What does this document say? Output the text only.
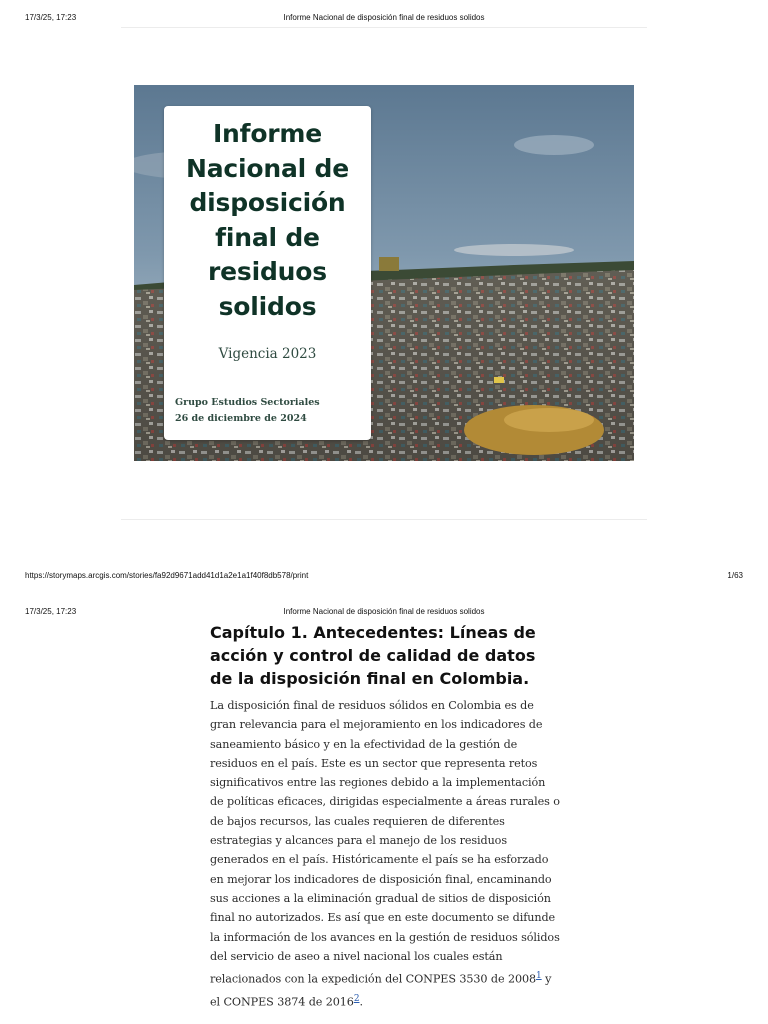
17/3/25, 17:23	Informe Nacional de disposición final de residuos solidos
Informe Nacional de disposición final de residuos solidos
Vigencia 2023
Grupo Estudios Sectoriales
26 de diciembre de 2024
https://storymaps.arcgis.com/stories/fa92d9671add41d1a2e1a1f40f8db578/print	1/63
17/3/25, 17:23	Informe Nacional de disposición final de residuos solidos
Capítulo 1. Antecedentes: Líneas de acción y control de calidad de datos de la disposición final en Colombia.

La disposición final de residuos sólidos en Colombia es de gran relevancia para el mejoramiento en los indicadores de saneamiento básico y en la efectividad de la gestión de residuos en el país. Este es un sector que representa retos significativos entre las regiones debido a la implementación de políticas eficaces, dirigidas especialmente a áreas rurales o de bajos recursos, las cuales requieren de diferentes estrategias y alcances para el manejo de los residuos generados en el país. Históricamente el país se ha esforzado en mejorar los indicadores de disposición final, encaminando sus acciones a la eliminación gradual de sitios de disposición final no autorizados. Es así que en este documento se difunde la información de los avances en la gestión de residuos sólidos del servicio de aseo a nivel nacional los cuales están relacionados con la expedición del CONPES 3530 de 2008$^1$ y el CONPES 3874 de 2016$^2$.
